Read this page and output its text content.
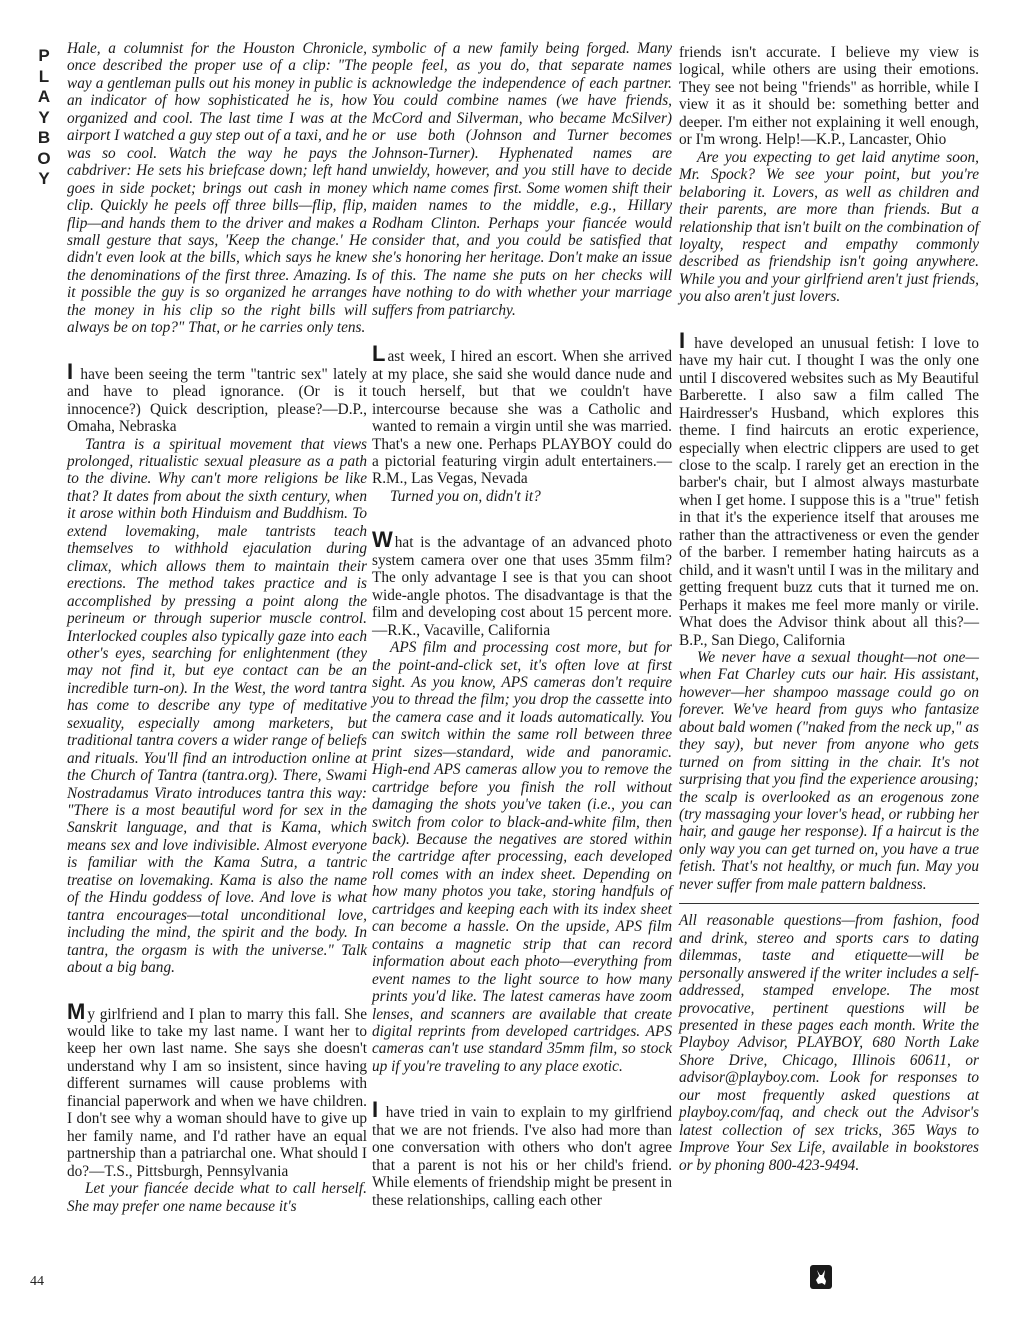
P
L
A
Y
B
O
Y
44

Hale, a columnist for the Houston Chronicle, once described the proper use of a clip: "The way a gentleman pulls out his money in public is an indicator of how sophisticated he is, how organized and cool. The last time I was at the airport I watched a guy step out of a taxi, and he was so cool. Watch the way he pays the cabdriver: He sets his briefcase down; left hand goes in side pocket; brings out cash in money clip. Quickly he peels off three bills—flip, flip, flip—and hands them to the driver and makes a small gesture that says, 'Keep the change.' He didn't even look at the bills, which says he knew the denominations of the first three. Amazing. Is it possible the guy is so organized he arranges the money in his clip so the right bills will always be on top?" That, or he carries only tens.

I have been seeing the term "tantric sex" lately and have to plead ignorance. (Or is it innocence?) Quick description, please?—D.P., Omaha, Nebraska

Tantra is a spiritual movement that views prolonged, ritualistic sexual pleasure as a path to the divine. Why can't more religions be like that? It dates from about the sixth century, when it arose within both Hinduism and Buddhism. To extend lovemaking, male tantrists teach themselves to withhold ejaculation during climax, which allows them to maintain their erections. The method takes practice and is accomplished by pressing a point along the perineum or through superior muscle control. Interlocked couples also typically gaze into each other's eyes, searching for enlightenment (they may not find it, but eye contact can be an incredible turn-on). In the West, the word tantra has come to describe any type of meditative sexuality, especially among marketers, but traditional tantra covers a wider range of beliefs and rituals. You'll find an introduction online at the Church of Tantra (tantra.org). There, Swami Nostradamus Virato introduces tantra this way: "There is a most beautiful word for sex in the Sanskrit language, and that is Kama, which means sex and love indivisible. Almost everyone is familiar with the Kama Sutra, a tantric treatise on lovemaking. Kama is also the name of the Hindu goddess of love. And love is what tantra encourages—total unconditional love, including the mind, the spirit and the body. In tantra, the orgasm is with the universe." Talk about a big bang.

M y girlfriend and I plan to marry this fall. She would like to take my last name. I want her to keep her own last name. She says she doesn't understand why I am so insistent, since having different surnames will cause problems with financial paperwork and when we have children. I don't see why a woman should have to give up her family name, and I'd rather have an equal partnership than a patriarchal one. What should I do?—T.S., Pittsburgh, Pennsylvania

Let your fiancée decide what to call herself. She may prefer one name because it's

symbolic of a new family being forged. Many people feel, as you do, that separate names acknowledge the independence of each partner. You could combine names (we have friends, McCord and Silverman, who became McSilver) or use both (Johnson and Turner becomes Johnson-Turner). Hyphenated names are unwieldy, however, and you still have to decide which name comes first. Some women shift their maiden names to the middle, e.g., Hillary Rodham Clinton. Perhaps your fiancée would consider that, and you could be satisfied that she's honoring her heritage. Don't make an issue of this. The name she puts on her checks will have nothing to do with whether your marriage suffers from patriarchy.

L ast week, I hired an escort. When she arrived at my place, she said she would dance nude and touch herself, but that we couldn't have intercourse because she was a Catholic and wanted to remain a virgin until she was married. That's a new one. Perhaps PLAYBOY could do a pictorial featuring virgin adult entertainers.—R.M., Las Vegas, Nevada

Turned you on, didn't it?

W hat is the advantage of an advanced photo system camera over one that uses 35mm film? The only advantage I see is that you can shoot wide-angle photos. The disadvantage is that the film and developing cost about 15 percent more.—R.K., Vacaville, California

APS film and processing cost more, but for the point-and-click set, it's often love at first sight. As you know, APS cameras don't require you to thread the film; you drop the cassette into the camera case and it loads automatically. You can switch within the same roll between three print sizes—standard, wide and panoramic. High-end APS cameras allow you to remove the cartridge before you finish the roll without damaging the shots you've taken (i.e., you can switch from color to black-and-white film, then back). Because the negatives are stored within the cartridge after processing, each developed roll comes with an index sheet. Depending on how many photos you take, storing handfuls of cartridges and keeping each with its index sheet can become a hassle. On the upside, APS film contains a magnetic strip that can record information about each photo—everything from event names to the light source to how many prints you'd like. The latest cameras have zoom lenses, and scanners are available that create digital reprints from developed cartridges. APS cameras can't use standard 35mm film, so stock up if you're traveling to any place exotic.

I have tried in vain to explain to my girlfriend that we are not friends. I've also had more than one conversation with others who don't agree that a parent is not his or her child's friend. While elements of friendship might be present in these relationships, calling each other

friends isn't accurate. I believe my view is logical, while others are using their emotions. They see not being "friends" as horrible, while I view it as it should be: something better and deeper. I'm either not explaining it well enough, or I'm wrong. Help!—K.P., Lancaster, Ohio

Are you expecting to get laid anytime soon, Mr. Spock? We see your point, but you're belaboring it. Lovers, as well as children and their parents, are more than friends. But a relationship that isn't built on the combination of loyalty, respect and empathy commonly described as friendship isn't going anywhere. While you and your girlfriend aren't just friends, you also aren't just lovers.

I have developed an unusual fetish: I love to have my hair cut. I thought I was the only one until I discovered websites such as My Beautiful Barberette. I also saw a film called The Hairdresser's Husband, which explores this theme. I find haircuts an erotic experience, especially when electric clippers are used to get close to the scalp. I rarely get an erection in the barber's chair, but I almost always masturbate when I get home. I suppose this is a "true" fetish in that it's the experience itself that arouses me rather than the attractiveness or even the gender of the barber. I remember hating haircuts as a child, and it wasn't until I was in the military and getting frequent buzz cuts that it turned me on. Perhaps it makes me feel more manly or virile. What does the Advisor think about all this?—B.P., San Diego, California

We never have a sexual thought—not one—when Fat Charley cuts our hair. His assistant, however—her shampoo massage could go on forever. We've heard from guys who fantasize about bald women ("naked from the neck up," as they say), but never from anyone who gets turned on from sitting in the chair. It's not surprising that you find the experience arousing; the scalp is overlooked as an erogenous zone (try massaging your lover's head, or rubbing her hair, and gauge her response). If a haircut is the only way you can get turned on, you have a true fetish. That's not healthy, or much fun. May you never suffer from male pattern baldness.

All reasonable questions—from fashion, food and drink, stereo and sports cars to dating dilemmas, taste and etiquette—will be personally answered if the writer includes a self-addressed, stamped envelope. The most provocative, pertinent questions will be presented in these pages each month. Write the Playboy Advisor, PLAYBOY, 680 North Lake Shore Drive, Chicago, Illinois 60611, or advisor@playboy.com. Look for responses to our most frequently asked questions at playboy.com/faq, and check out the Advisor's latest collection of sex tricks, 365 Ways to Improve Your Sex Life, available in bookstores or by phoning 800-423-9494.
